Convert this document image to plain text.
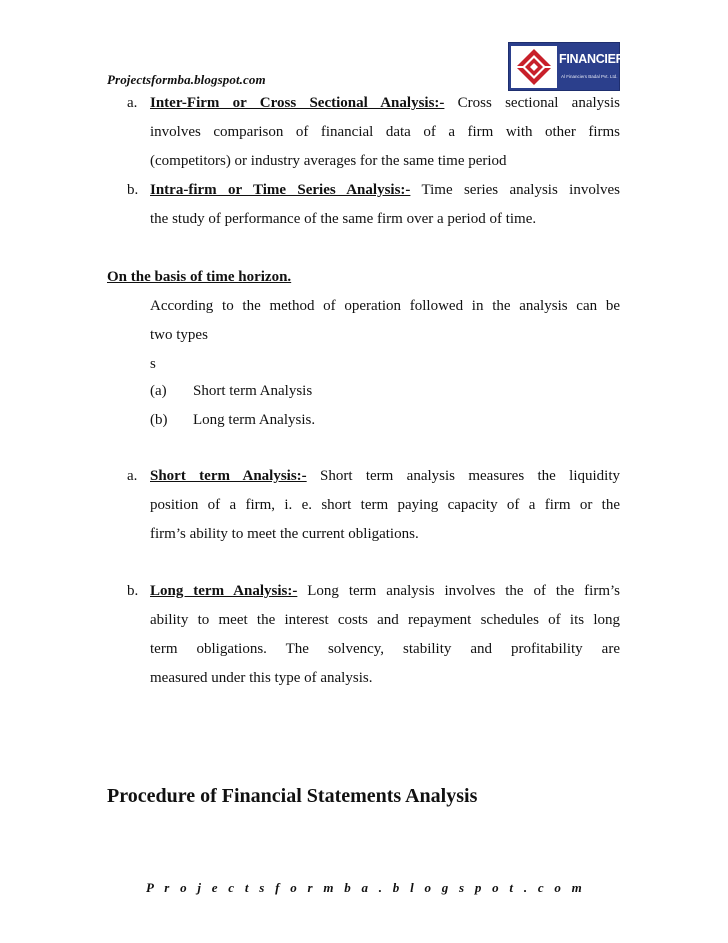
Projectsformba.blogspot.com
FINANCIERs
Al Financiers Badal Pvt. Ltd.
a. Inter-Firm or Cross Sectional Analysis:- Cross sectional analysis
involves comparison of financial data of a firm with other firms
(competitors) or industry averages for the same time period
b. Intra-firm or Time Series Analysis:- Time series analysis involves
the study of performance of the same firm over a period of time.
On the basis of time horizon.
According to the method of operation followed in the analysis can be
two types
s
(a) Short term Analysis
(b) Long term Analysis.
a. Short term Analysis:- Short term analysis measures the liquidity
position of a firm, i. e. short term paying capacity of a firm or the
firm’s ability to meet the current obligations.
b. Long term Analysis:- Long term analysis involves the of the firm’s
ability to meet the interest costs and repayment schedules of its long
term obligations. The solvency, stability and profitability are
measured under this type of analysis.
Procedure of Financial Statements Analysis
P r o j e c t s f o r m b a . b l o g s p o t . c o m
